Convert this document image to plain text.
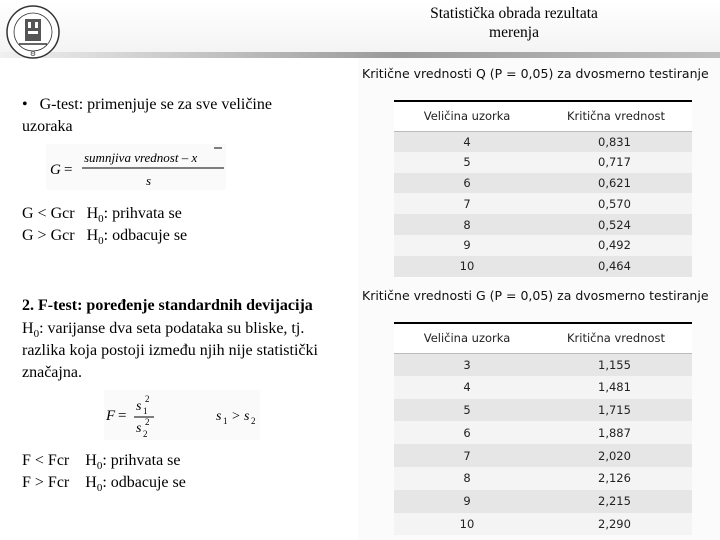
⚙
Statistička obrada rezultata
merenja
• G-test: primenjuje se za sve veličine
uzoraka
G =
sumnjiva vrednost – x
s
G < Gcr $H_0$: prihvata se
G > Gcr $H_0$: odbacuje se
2. F-test: poređenje standardnih devijacija
$H_0$: varijanse dva seta podataka su bliske, tj.
razlika koja postoji između njih nije statistički
značajna.
F =
s 1
2
s 2
2	s 1 > s 2
F < Fcr $H_0$: prihvata se
F > Fcr $H_0$: odbacuje se
Kritične vrednosti Q (P = 0,05) za dvosmerno testiranje
Veličina uzorka	Kritična vrednost
4	0,831
5	0,717
6	0,621
7	0,570
8	0,524
9	0,492
10	0,464
Kritične vrednosti G (P = 0,05) za dvosmerno testiranje
Veličina uzorka	Kritična vrednost
3	1,155
4	1,481
5	1,715
6	1,887
7	2,020
8	2,126
9	2,215
10	2,290
